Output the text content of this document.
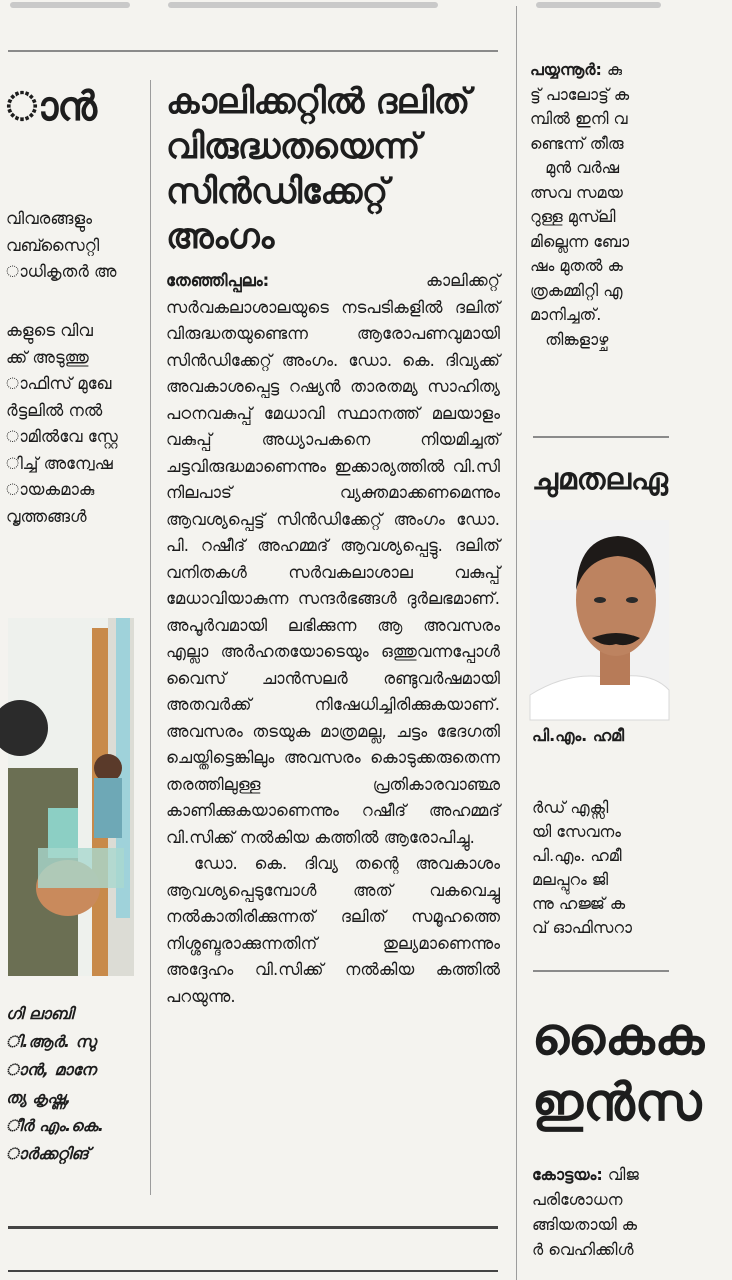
ാൻ
വിവരങ്ങളും
വബ്സൈറ്റി
ാധികൃതർ അ
കളുടെ വിവ
ക്ക് അടുത്തു
ാഫിസ് മുഖേ
ർട്ടലിൽ നൽ
ാമിൽവേ സ്റ്റേ
ിച്ച് അന്വേഷ
ായകമാകു
വൃത്തങ്ങൾ
ഗി ലാബി
ി.ആർ. സു
ാൻ, മാനേ
ത്യ കൃഷ്ണ,
ീർ എം.കെ.
ാർക്കറ്റിങ്
കാലിക്കറ്റിൽ ദലിത് വിരുദ്ധതയെന്ന് സിൻഡിക്കേറ്റ് അംഗം

തേഞ്ഞിപ്പലം:	കാലിക്കറ്റ് സർവകലാശാലയുടെ നടപടികളിൽ ദലിത് വിരുദ്ധതയുണ്ടെന്ന ആരോപണവുമായി സിൻഡിക്കേറ്റ് അംഗം. ഡോ. കെ. ദിവ്യക്ക് അവകാശപ്പെട്ട റഷ്യൻ താരതമ്യ സാഹിത്യ പഠനവകുപ്പ് മേധാവി സ്ഥാനത്ത് മലയാളം വകുപ്പ് അധ്യാപകനെ നിയമിച്ചത് ചട്ടവിരുദ്ധമാണെന്നും ഇക്കാര്യത്തിൽ വി.സി നിലപാട് വ്യക്തമാക്കണമെന്നും ആവശ്യപ്പെട്ട് സിൻഡിക്കേറ്റ് അംഗം ഡോ. പി. റഷീദ് അഹമ്മദ് ആവശ്യപ്പെട്ടു. ദലിത് വനിതകൾ സർവകലാശാല വകുപ്പ് മേധാവിയാകുന്ന സന്ദർഭങ്ങൾ ദുർലഭമാണ്. അപൂർവമായി ലഭിക്കുന്ന ആ അവസരം എല്ലാ അർഹതയോടെയും ഒത്തുവന്നപ്പോൾ വൈസ് ചാൻസലർ രണ്ടുവർഷമായി അതവർക്ക് നിഷേധിച്ചിരിക്കുകയാണ്. അവസരം തടയുക മാത്രമല്ല, ചട്ടം ഭേദഗതി ചെയ്തിട്ടെങ്കിലും അവസരം കൊടുക്കരുതെന്ന തരത്തിലുള്ള പ്രതികാരവാഞ്ഛ കാണിക്കുകയാണെന്നും റഷീദ് അഹമ്മദ് വി.സിക്ക് നൽകിയ കത്തിൽ ആരോപിച്ചു.

ഡോ. കെ. ദിവ്യ തന്റെ അവകാശം ആവശ്യപ്പെടുമ്പോൾ അത് വകവെച്ചു നൽകാതിരിക്കുന്നത് ദലിത് സമൂഹത്തെ നിശ്ശബ്ദരാക്കുന്നതിന് തുല്യമാണെന്നും അദ്ദേഹം വി.സിക്ക് നൽകിയ കത്തിൽ പറയുന്നു.

പയ്യന്നൂർ: കു
ട്ട് പാലോട്ട് ക
മ്പിൽ ഇനി വ
ണ്ടെന്ന് തീരു
മുൻ വർഷ
ത്സവ സമയ
റുള്ള മുസ്‍ലി
മില്ലെന്ന ബോ
ഷം മുതൽ ക
ത്രകമ്മിറ്റി എ
മാനിച്ചത്.
തിങ്കളാഴ്ച
ചുമതലഏ
പി.എം. ഹമീ
ർഡ് എക്സി
യി സേവനം
പി.എം. ഹമീ
മലപ്പുറം ജി
ന്നു ഹജ്ജ് ക
വ് ഓഫിസറാ
കൈക
ഇൻസ
കോട്ടയം: വിജ
പരിശോധന
ങ്ങിയതായി ക
ർ വെഹിക്കിൾ
